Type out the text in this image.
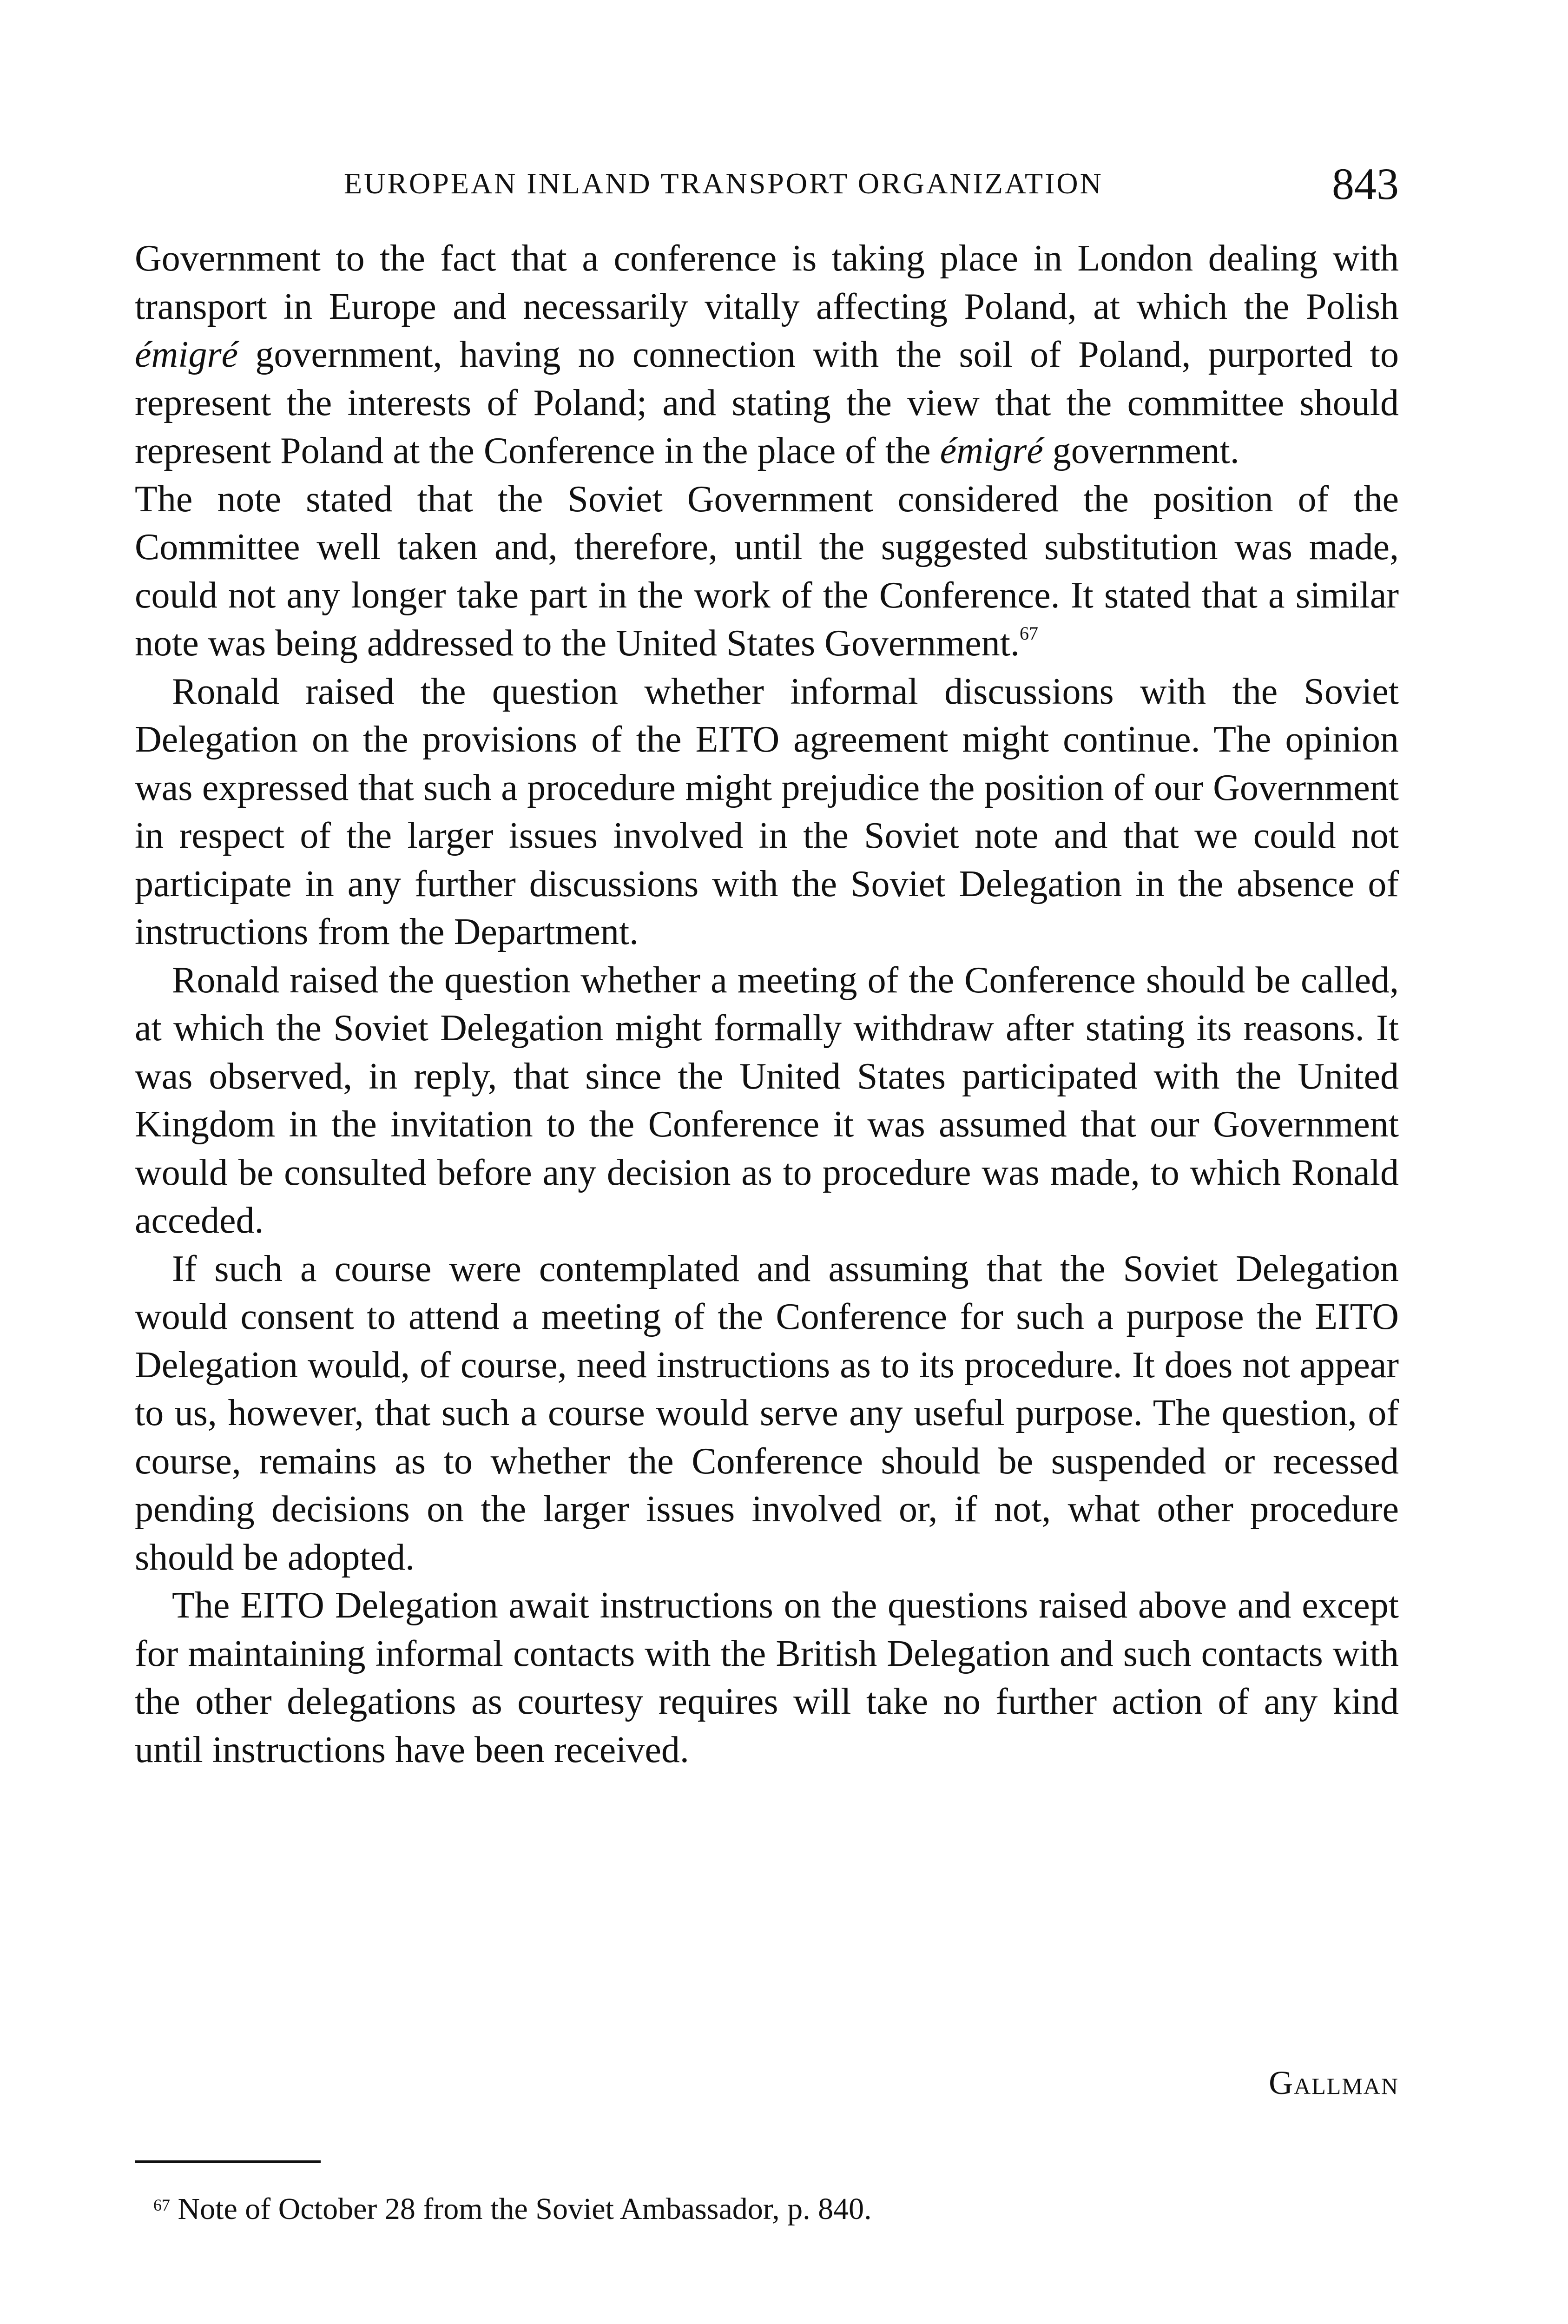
EUROPEAN INLAND TRANSPORT ORGANIZATION	843

Government to the fact that a conference is taking place in London dealing with transport in Europe and necessarily vitally affecting Poland, at which the Polish émigré government, having no connection with the soil of Poland, purported to represent the interests of Poland; and stating the view that the committee should represent Poland at the Conference in the place of the émigré government.

The note stated that the Soviet Government considered the position of the Committee well taken and, therefore, until the suggested substitution was made, could not any longer take part in the work of the Conference. It stated that a similar note was being addressed to the United States Government.$^{67}$

Ronald raised the question whether informal discussions with the Soviet Delegation on the provisions of the EITO agreement might continue. The opinion was expressed that such a procedure might prejudice the position of our Government in respect of the larger issues involved in the Soviet note and that we could not participate in any further discussions with the Soviet Delegation in the absence of instructions from the Department.

Ronald raised the question whether a meeting of the Conference should be called, at which the Soviet Delegation might formally withdraw after stating its reasons. It was observed, in reply, that since the United States participated with the United Kingdom in the invitation to the Conference it was assumed that our Government would be consulted before any decision as to procedure was made, to which Ronald acceded.

If such a course were contemplated and assuming that the Soviet Delegation would consent to attend a meeting of the Conference for such a purpose the EITO Delegation would, of course, need instructions as to its procedure. It does not appear to us, however, that such a course would serve any useful purpose. The question, of course, remains as to whether the Conference should be suspended or recessed pending decisions on the larger issues involved or, if not, what other procedure should be adopted.

The EITO Delegation await instructions on the questions raised above and except for maintaining informal contacts with the British Delegation and such contacts with the other delegations as courtesy requires will take no further action of any kind until instructions have been received.

Gallman
$^{67}$ Note of October 28 from the Soviet Ambassador, p. 840.
